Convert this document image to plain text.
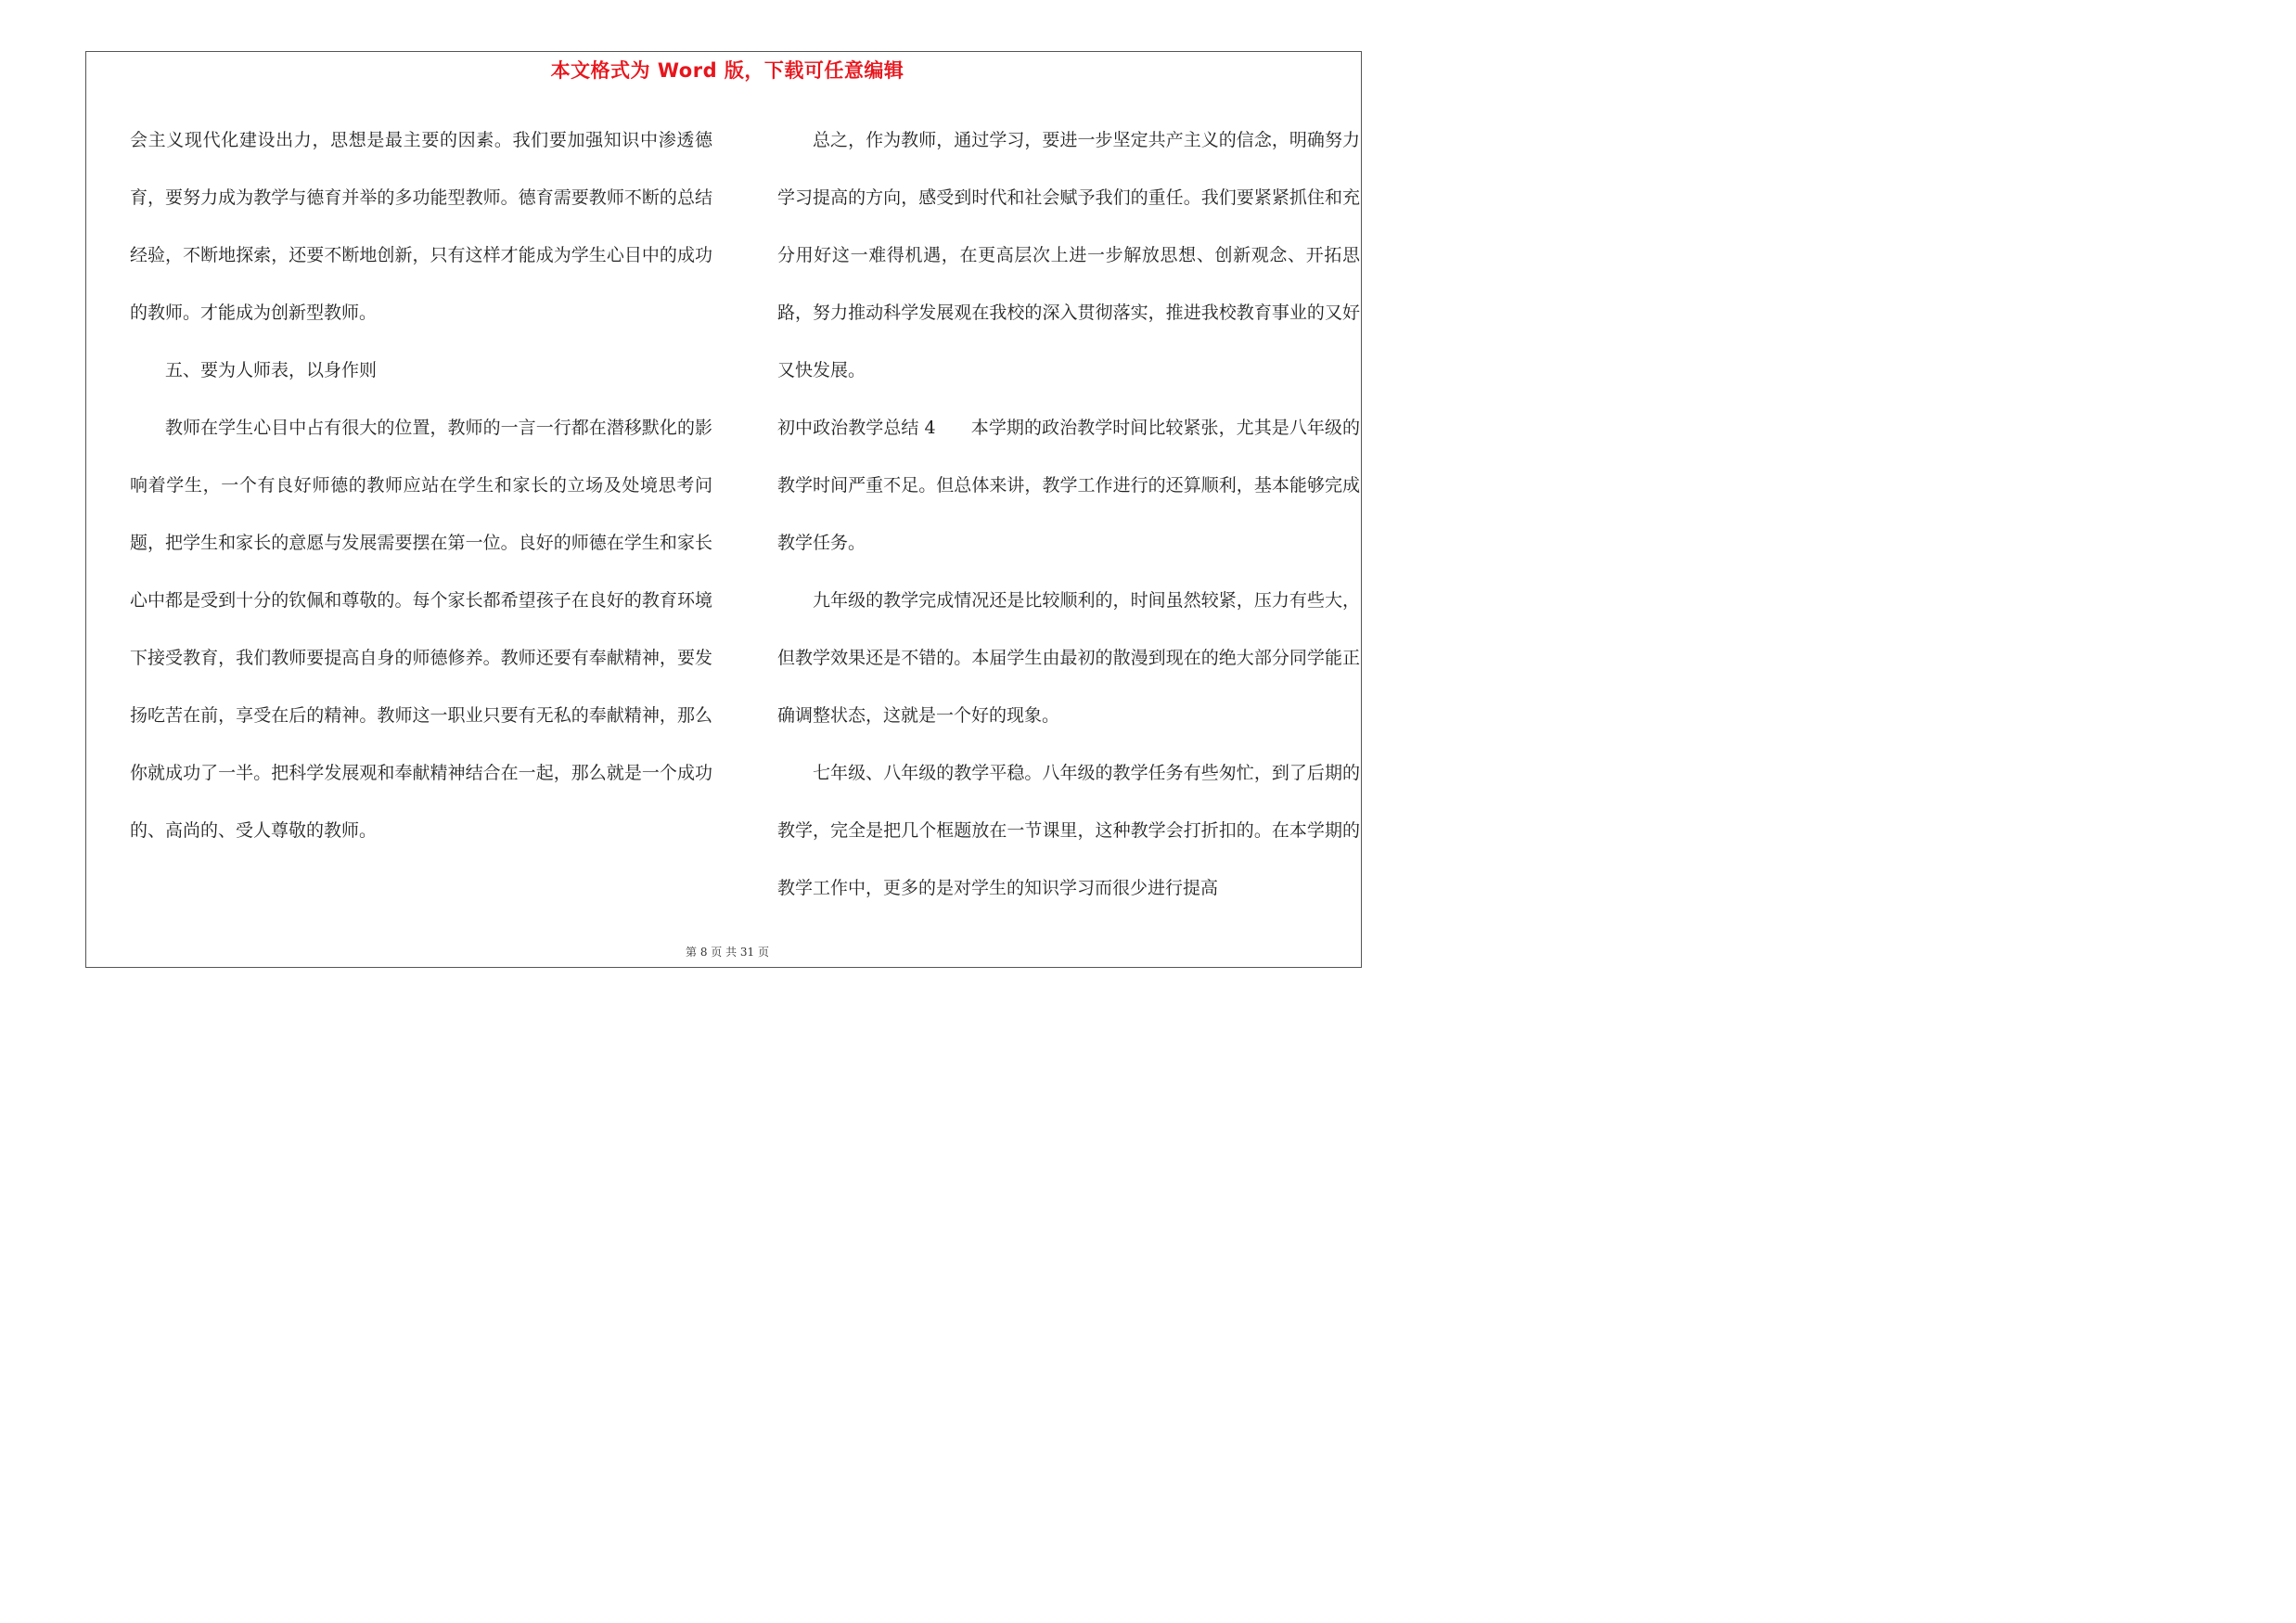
本文格式为 Word 版，下载可任意编辑

会主义现代化建设出力，思想是最主要的因素。我们要加强知识中渗透德育，要努力成为教学与德育并举的多功能型教师。德育需要教师不断的总结经验，不断地探索，还要不断地创新，只有这样才能成为学生心目中的成功的教师。才能成为创新型教师。

五、要为人师表，以身作则

教师在学生心目中占有很大的位置，教师的一言一行都在潜移默化的影响着学生，一个有良好师德的教师应站在学生和家长的立场及处境思考问题，把学生和家长的意愿与发展需要摆在第一位。良好的师德在学生和家长心中都是受到十分的钦佩和尊敬的。每个家长都希望孩子在良好的教育环境下接受教育，我们教师要提高自身的师德修养。教师还要有奉献精神，要发扬吃苦在前，享受在后的精神。教师这一职业只要有无私的奉献精神，那么你就成功了一半。把科学发展观和奉献精神结合在一起，那么就是一个成功的、高尚的、受人尊敬的教师。

总之，作为教师，通过学习，要进一步坚定共产主义的信念，明确努力学习提高的方向，感受到时代和社会赋予我们的重任。我们要紧紧抓住和充分用好这一难得机遇，在更高层次上进一步解放思想、创新观念、开拓思路，努力推动科学发展观在我校的深入贯彻落实，推进我校教育事业的又好又快发展。

初中政治教学总结 4　　本学期的政治教学时间比较紧张，尤其是八年级的教学时间严重不足。但总体来讲，教学工作进行的还算顺利，基本能够完成教学任务。

九年级的教学完成情况还是比较顺利的，时间虽然较紧，压力有些大，但教学效果还是不错的。本届学生由最初的散漫到现在的绝大部分同学能正确调整状态，这就是一个好的现象。

七年级、八年级的教学平稳。八年级的教学任务有些匆忙，到了后期的教学，完全是把几个框题放在一节课里，这种教学会打折扣的。在本学期的教学工作中，更多的是对学生的知识学习而很少进行提高

第 8 页 共 31 页
